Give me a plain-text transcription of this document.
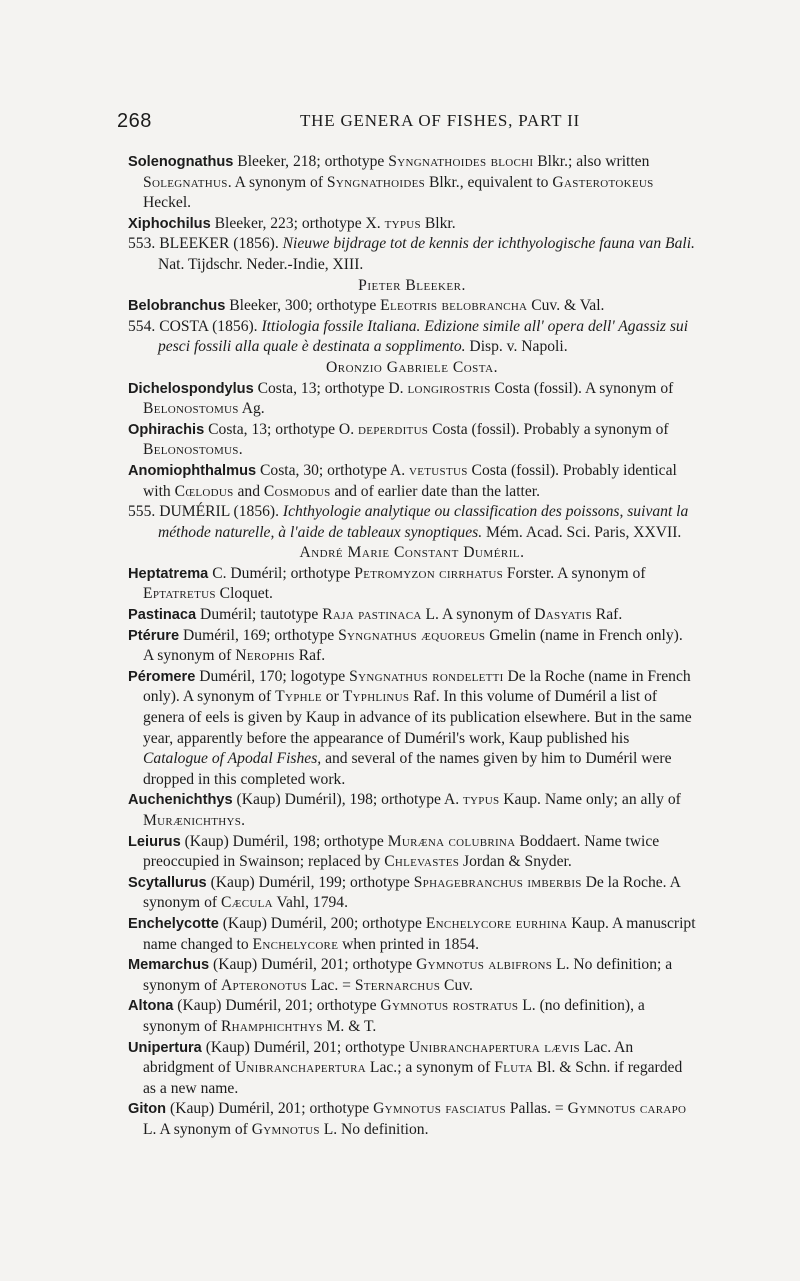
268	THE GENERA OF FISHES, PART II

Solenognathus Bleeker, 218; orthotype Syngnathoides blochi Blkr.; also written Solegnathus. A synonym of Syngnathoides Blkr., equivalent to Gasterotokeus Heckel.

Xiphochilus Bleeker, 223; orthotype X. typus Blkr.

553. BLEEKER (1856). Nieuwe bijdrage tot de kennis der ichthyologische fauna van Bali. Nat. Tijdschr. Neder.-Indie, XIII.

Pieter Bleeker.

Belobranchus Bleeker, 300; orthotype Eleotris belobrancha Cuv. & Val.

554. COSTA (1856). Ittiologia fossile Italiana. Edizione simile all' opera dell' Agassiz sui pesci fossili alla quale è destinata a sopplimento. Disp. v. Napoli.

Oronzio Gabriele Costa.

Dichelospondylus Costa, 13; orthotype D. longirostris Costa (fossil). A synonym of Belonostomus Ag.

Ophirachis Costa, 13; orthotype O. deperditus Costa (fossil). Probably a synonym of Belonostomus.

Anomiophthalmus Costa, 30; orthotype A. vetustus Costa (fossil). Probably identical with Cœlodus and Cosmodus and of earlier date than the latter.

555. DUMÉRIL (1856). Ichthyologie analytique ou classification des poissons, suivant la méthode naturelle, à l'aide de tableaux synoptiques. Mém. Acad. Sci. Paris, XXVII.

André Marie Constant Duméril.

Heptatrema C. Duméril; orthotype Petromyzon cirrhatus Forster. A synonym of Eptatretus Cloquet.

Pastinaca Duméril; tautotype Raja pastinaca L. A synonym of Dasyatis Raf.

Ptérure Duméril, 169; orthotype Syngnathus æquoreus Gmelin (name in French only). A synonym of Nerophis Raf.

Péromere Duméril, 170; logotype Syngnathus rondeletti De la Roche (name in French only). A synonym of Typhle or Typhlinus Raf. In this volume of Duméril a list of genera of eels is given by Kaup in advance of its publication elsewhere. But in the same year, apparently before the appearance of Duméril's work, Kaup published his Catalogue of Apodal Fishes, and several of the names given by him to Duméril were dropped in this completed work.

Auchenichthys (Kaup) Duméril), 198; orthotype A. typus Kaup. Name only; an ally of Murænichthys.

Leiurus (Kaup) Duméril, 198; orthotype Muræna colubrina Boddaert. Name twice preoccupied in Swainson; replaced by Chlevastes Jordan & Snyder.

Scytallurus (Kaup) Duméril, 199; orthotype Sphagebranchus imberbis De la Roche. A synonym of Cæcula Vahl, 1794.

Enchelycotte (Kaup) Duméril, 200; orthotype Enchelycore eurhina Kaup. A manuscript name changed to Enchelycore when printed in 1854.

Memarchus (Kaup) Duméril, 201; orthotype Gymnotus albifrons L. No definition; a synonym of Apteronotus Lac. = Sternarchus Cuv.

Altona (Kaup) Duméril, 201; orthotype Gymnotus rostratus L. (no definition), a synonym of Rhamphichthys M. & T.

Unipertura (Kaup) Duméril, 201; orthotype Unibranchapertura lævis Lac. An abridgment of Unibranchapertura Lac.; a synonym of Fluta Bl. & Schn. if regarded as a new name.

Giton (Kaup) Duméril, 201; orthotype Gymnotus fasciatus Pallas. = Gymnotus carapo L. A synonym of Gymnotus L. No definition.
